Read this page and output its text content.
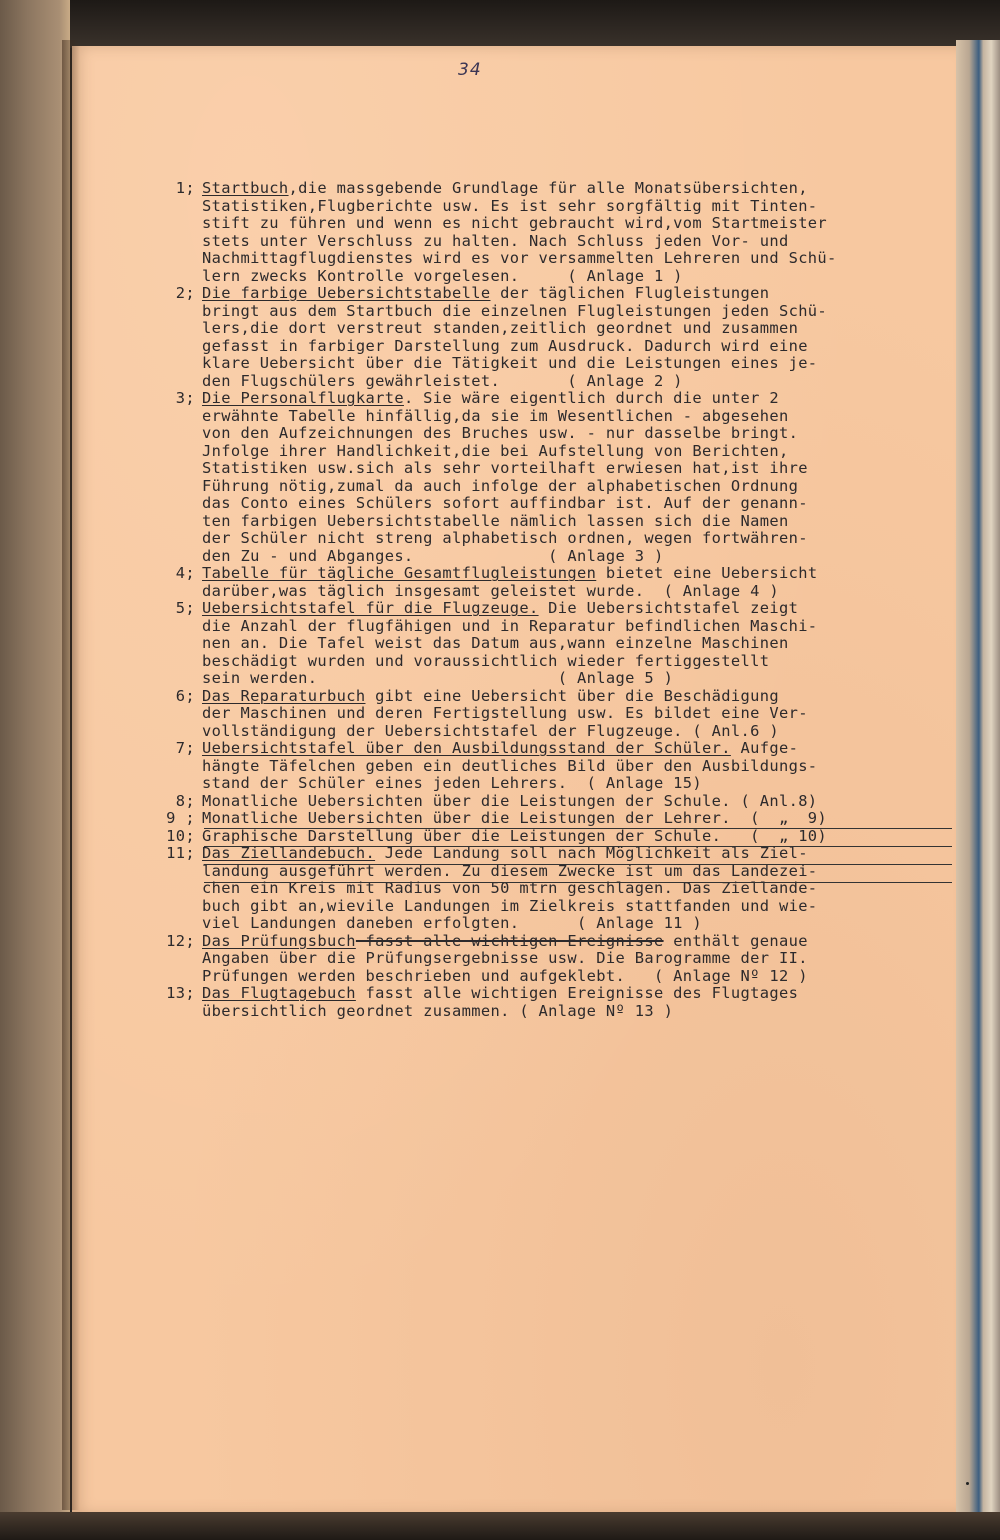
34
1; Startbuch,die massgebende Grundlage für alle Monatsübersichten,
Statistiken,Flugberichte usw. Es ist sehr sorgfältig mit Tinten-
stift zu führen und wenn es nicht gebraucht wird,vom Startmeister
stets unter Verschluss zu halten. Nach Schluss jeden Vor- und
Nachmittagflugdienstes wird es vor versammelten Lehreren und Schü-
lern zwecks Kontrolle vorgelesen.     ( Anlage 1 )
2; Die farbige Uebersichtstabelle der täglichen Flugleistungen
bringt aus dem Startbuch die einzelnen Flugleistungen jeden Schü-
lers,die dort verstreut standen,zeitlich geordnet und zusammen
gefasst in farbiger Darstellung zum Ausdruck. Dadurch wird eine
klare Uebersicht über die Tätigkeit und die Leistungen eines je-
den Flugschülers gewährleistet.       ( Anlage 2 )
3; Die Personalflugkarte. Sie wäre eigentlich durch die unter 2
erwähnte Tabelle hinfällig,da sie im Wesentlichen - abgesehen
von den Aufzeichnungen des Bruches usw. - nur dasselbe bringt.
Jnfolge ihrer Handlichkeit,die bei Aufstellung von Berichten,
Statistiken usw.sich als sehr vorteilhaft erwiesen hat,ist ihre
Führung nötig,zumal da auch infolge der alphabetischen Ordnung
das Conto eines Schülers sofort auffindbar ist. Auf der genann-
ten farbigen Uebersichtstabelle nämlich lassen sich die Namen
der Schüler nicht streng alphabetisch ordnen, wegen fortwähren-
den Zu - und Abganges.              ( Anlage 3 )
4; Tabelle für tägliche Gesamtflugleistungen bietet eine Uebersicht
darüber,was täglich insgesamt geleistet wurde.  ( Anlage 4 )
5; Uebersichtstafel für die Flugzeuge. Die Uebersichtstafel zeigt
die Anzahl der flugfähigen und in Reparatur befindlichen Maschi-
nen an. Die Tafel weist das Datum aus,wann einzelne Maschinen
beschädigt wurden und voraussichtlich wieder fertiggestellt
sein werden.                         ( Anlage 5 )
6; Das Reparaturbuch gibt eine Uebersicht über die Beschädigung
der Maschinen und deren Fertigstellung usw. Es bildet eine Ver-
vollständigung der Uebersichtstafel der Flugzeuge. ( Anl.6 )
7; Uebersichtstafel über den Ausbildungsstand der Schüler. Aufge-
hängte Täfelchen geben ein deutliches Bild über den Ausbildungs-
stand der Schüler eines jeden Lehrers.  ( Anlage 15)
8; Monatliche Uebersichten über die Leistungen der Schule. ( Anl.8)
9 ; Monatliche Uebersichten über die Leistungen der Lehrer.  (  „  9)
10; Graphische Darstellung über die Leistungen der Schule.   (  „ 10)
11; Das Ziellandebuch. Jede Landung soll nach Möglichkeit als Ziel-
landung ausgeführt werden. Zu diesem Zwecke ist um das Landezei-
chen ein Kreis mit Radius von 50 mtrn geschlagen. Das Ziellande-
buch gibt an,wievile Landungen im Zielkreis stattfanden und wie-
viel Landungen daneben erfolgten.      ( Anlage 11 )
12; Das Prüfungsbuch fasst alle wichtigen Ereignisse enthält genaue
Angaben über die Prüfungsergebnisse usw. Die Barogramme der II.
Prüfungen werden beschrieben und aufgeklebt.   ( Anlage Nº 12 )
13; Das Flugtagebuch fasst alle wichtigen Ereignisse des Flugtages
übersichtlich geordnet zusammen. ( Anlage Nº 13 )
